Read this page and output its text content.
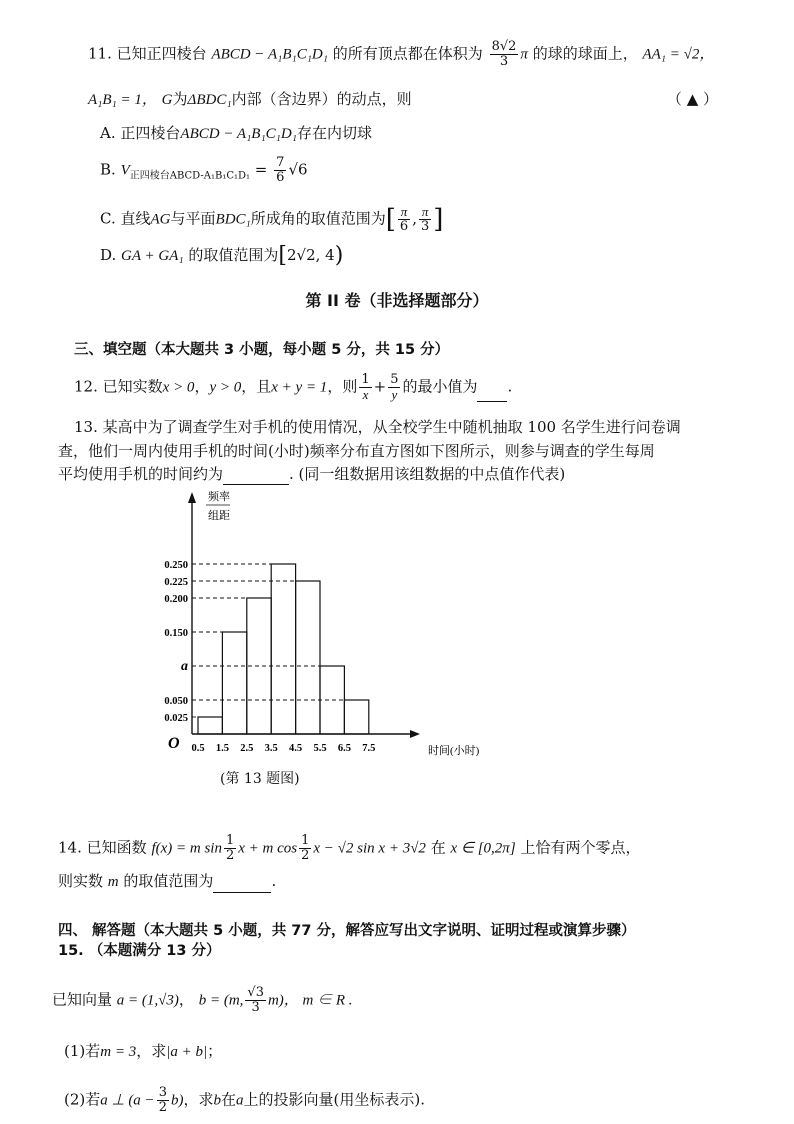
11. 已知正四棱台 ABCD − A₁B₁C₁D₁ 的所有顶点都在体积为 $\frac{8√2}{3}$ π 的球的球面上， AA₁ = √2，
A₁B₁ = 1， G为ΔBDC₁内部（含边界）的动点，则	（ ▲ ）
A. 正四棱台ABCD − A₁B₁C₁D₁存在内切球
B. $V_{正四棱台ABCD-A_1B_1C_1D_1} = \frac{7}{6} √6$
C. 直线AG与平面BDC₁所成角的取值范围为[ $\frac{\pi}{6}$ , $\frac{\pi}{3}$ ]
D. GA + GA₁ 的取值范围为[2√2, 4)
第 II 卷（非选择题部分）
三、填空题（本大题共 3 小题，每小题 5 分，共 15 分）
12. 已知实数x > 0，y > 0，且x + y = 1，则 $\frac{1}{x} + \frac{5}{y}$ 的最小值为 .
13. 某高中为了调查学生对手机的使用情况，从全校学生中随机抽取 100 名学生进行问卷调
查，他们一周内使用手机的时间(小时)频率分布直方图如下图所示，则参与调查的学生每周
平均使用手机的时间约为	. (同一组数据用该组数据的中点值作代表)
频率
组距
O
0.250
0.225
0.200
0.150
a
0.050
0.025
0.5 1.5 2.5 3.5 4.5 5.5 6.5 7.5	时间(小时)
(第 13 题图)
14. 已知函数 f(x) = m $\sin \frac{1}{2}$ x + m $\cos \frac{1}{2}$ x − √2 sin x + 3√2 在 x ∈ [0,2π] 上恰有两个零点，
则实数 m 的取值范围为	.
四、 解答题（本大题共 5 小题，共 77 分，解答应写出文字说明、证明过程或演算步骤）
15. （本题满分 13 分）
已知向量 a = (1,√3)， b = (m, $\frac{√3}{3} m$)， m ∈ R .
(1)若m = 3，求|a + b|；
(2)若a ⊥ $(a - \frac{3}{2} b)$，求b在a上的投影向量(用坐标表示).
